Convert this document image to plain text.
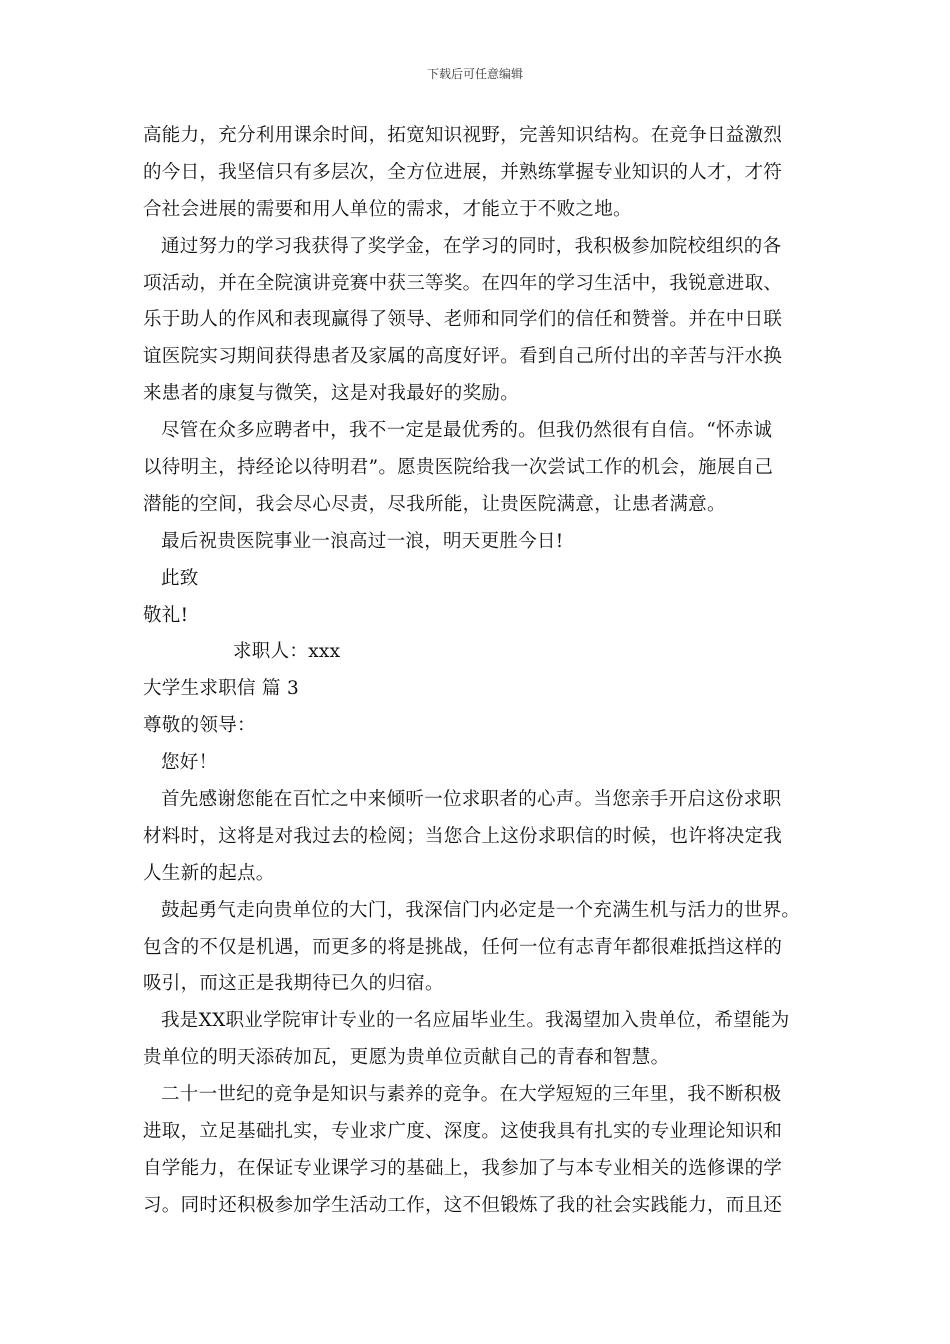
下载后可任意编辑
高能力，充分利用课余时间，拓宽知识视野，完善知识结构。在竞争日益激烈
的今日，我坚信只有多层次，全方位进展，并熟练掌握专业知识的人才，才符
合社会进展的需要和用人单位的需求，才能立于不败之地。
通过努力的学习我获得了奖学金，在学习的同时，我积极参加院校组织的各
项活动，并在全院演讲竞赛中获三等奖。在四年的学习生活中，我锐意进取、
乐于助人的作风和表现赢得了领导、老师和同学们的信任和赞誉。并在中日联
谊医院实习期间获得患者及家属的高度好评。看到自己所付出的辛苦与汗水换
来患者的康复与微笑，这是对我最好的奖励。
尽管在众多应聘者中，我不一定是最优秀的。但我仍然很有自信。“怀赤诚
以待明主，持经论以待明君”。愿贵医院给我一次尝试工作的机会，施展自己
潜能的空间，我会尽心尽责，尽我所能，让贵医院满意，让患者满意。
最后祝贵医院事业一浪高过一浪，明天更胜今日!
此致
敬礼!
求职人：xxx
大学生求职信 篇 3
尊敬的领导：
您好！
首先感谢您能在百忙之中来倾听一位求职者的心声。当您亲手开启这份求职
材料时，这将是对我过去的检阅；当您合上这份求职信的时候，也许将决定我
人生新的起点。
鼓起勇气走向贵单位的大门，我深信门内必定是一个充满生机与活力的世界。
包含的不仅是机遇，而更多的将是挑战，任何一位有志青年都很难抵挡这样的
吸引，而这正是我期待已久的归宿。
我是XX职业学院审计专业的一名应届毕业生。我渴望加入贵单位，希望能为
贵单位的明天添砖加瓦，更愿为贵单位贡献自己的青春和智慧。
二十一世纪的竞争是知识与素养的竞争。在大学短短的三年里，我不断积极
进取，立足基础扎实，专业求广度、深度。这使我具有扎实的专业理论知识和
自学能力，在保证专业课学习的基础上，我参加了与本专业相关的选修课的学
习。同时还积极参加学生活动工作，这不但锻炼了我的社会实践能力，而且还
